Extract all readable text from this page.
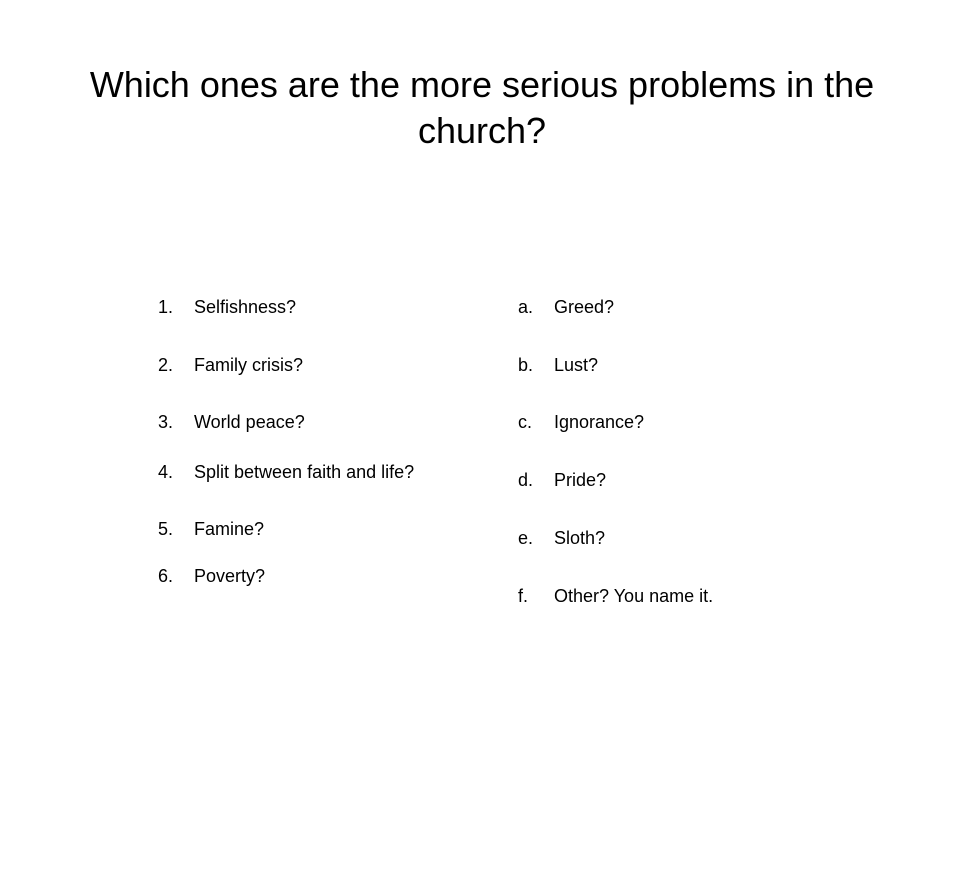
Which ones are the more serious problems in the church?
1. Selfishness?
2. Family crisis?
3. World peace?
4. Split between faith and life?
5. Famine?
6. Poverty?
a. Greed?
b. Lust?
c. Ignorance?
d. Pride?
e. Sloth?
f. Other? You name it.
